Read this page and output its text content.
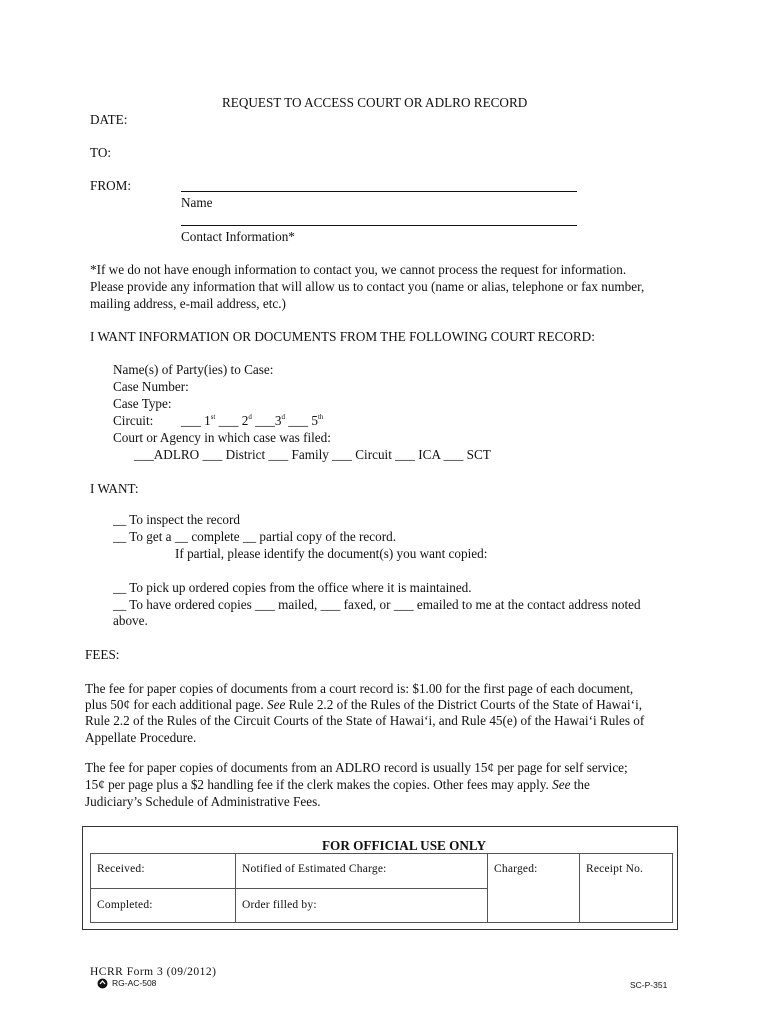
REQUEST TO ACCESS COURT OR ADLRO RECORD
DATE:
TO:
FROM:
Name
Contact Information*
*If we do not have enough information to contact you, we cannot process the request for information.
Please provide any information that will allow us to contact you (name or alias, telephone or fax number,
mailing address, e-mail address, etc.)
I WANT INFORMATION OR DOCUMENTS FROM THE FOLLOWING COURT RECORD:
Name(s) of Party(ies) to Case:
Case Number:
Case Type:
Circuit: ___ 1st ___ 2$^d$ ___3$^d$ ___ 5th
Court or Agency in which case was filed:
___ADLRO ___ District ___ Family ___ Circuit ___ ICA ___ SCT
I WANT:
__ To inspect the record
__ To get a __ complete __ partial copy of the record.
If partial, please identify the document(s) you want copied:
__ To pick up ordered copies from the office where it is maintained.
__ To have ordered copies ___ mailed, ___ faxed, or ___ emailed to me at the contact address noted
above.
FEES:
The fee for paper copies of documents from a court record is: $1.00 for the first page of each document,
plus 50¢ for each additional page. See Rule 2.2 of the Rules of the District Courts of the State of Hawai‘i,
Rule 2.2 of the Rules of the Circuit Courts of the State of Hawai‘i, and Rule 45(e) of the Hawai‘i Rules of
Appellate Procedure.
The fee for paper copies of documents from an ADLRO record is usually 15¢ per page for self service;
15¢ per page plus a $2 handling fee if the clerk makes the copies. Other fees may apply. See the
Judiciary’s Schedule of Administrative Fees.
FOR OFFICIAL USE ONLY
Received:	Notified of Estimated Charge:	Charged:	Receipt No.
Completed:	Order filled by:
HCRR Form 3 (09/2012)
RG-AC-508	SC-P-351
